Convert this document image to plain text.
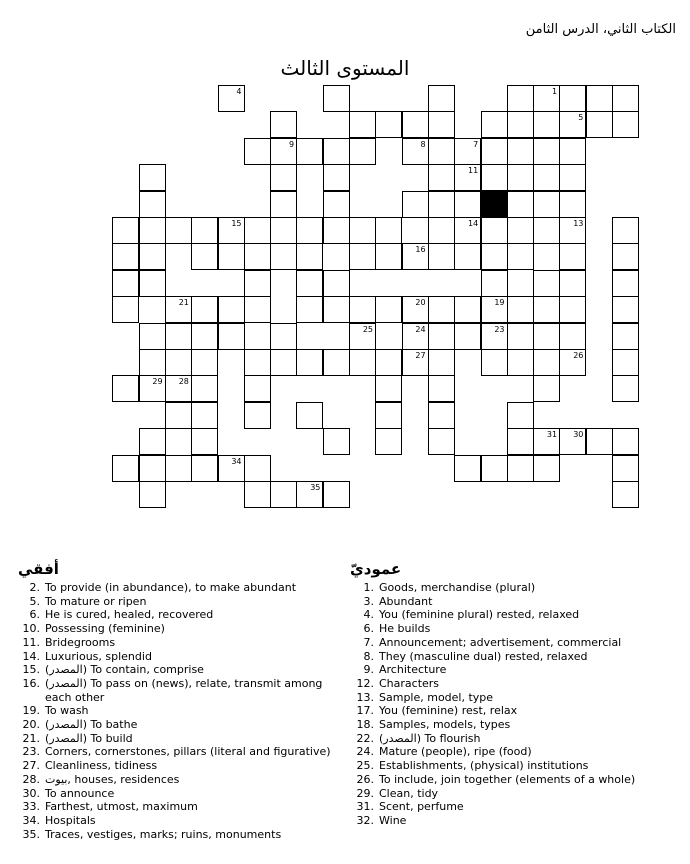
الكتاب الثاني، الدرس الثامن
المستوى الثالث
1
4
5
7
8
9
11
13
14
15
16
19
20
21
23
24
25
26
27
28
29
30
31
34
35
أفقي	عموديّ
2. To provide (in abundance), to make abundant
5. To mature or ripen
6. He is cured, healed, recovered
10. Possessing (feminine)
11. Bridegrooms
14. Luxurious, splendid
15. (المصدر) To contain, comprise
16. (المصدر) To pass on (news), relate, transmit among each other
19. To wash
20. (المصدر) To bathe
21. (المصدر) To build
23. Corners, cornerstones, pillars (literal and figurative)
27. Cleanliness, tidiness
28. بيوت, houses, residences
30. To announce
33. Farthest, utmost, maximum
34. Hospitals
35. Traces, vestiges, marks; ruins, monuments
1. Goods, merchandise (plural)
3. Abundant
4. You (feminine plural) rested, relaxed
6. He builds
7. Announcement; advertisement, commercial
8. They (masculine dual) rested, relaxed
9. Architecture
12. Characters
13. Sample, model, type
17. You (feminine) rest, relax
18. Samples, models, types
22. (المصدر) To flourish
24. Mature (people), ripe (food)
25. Establishments, (physical) institutions
26. To include, join together (elements of a whole)
29. Clean, tidy
31. Scent, perfume
32. Wine
